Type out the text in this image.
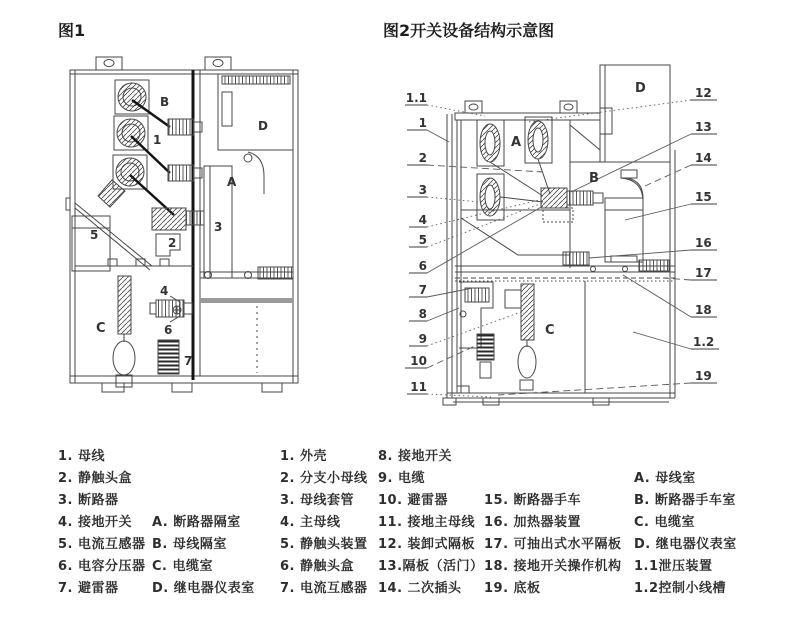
图1	图2开关设备结构示意图
B
1
D
A
3
2
5
4
C	6
7
1.1
1
2
3
4
5
6
7
8
9
10
11
12
13
14
15
16
17
18
1.2
19
A
B
C
D
1. 母线
2. 静触头盒
3. 断路器
4. 接地开关
5. 电流互感器
6. 电容分压器
7. 避雷器
A. 断路器隔室
B. 母线隔室
C. 电缆室
D. 继电器仪表室
1. 外壳
2. 分支小母线
3. 母线套管
4. 主母线
5. 静触头装置
6. 静触头盒
7. 电流互感器
8. 接地开关
9. 电缆
10. 避雷器
11. 接地主母线
12. 装卸式隔板
13.隔板（活门）
14. 二次插头
15. 断路器手车
16. 加热器装置
17. 可抽出式水平隔板
18. 接地开关操作机构
19. 底板
A. 母线室
B. 断路器手车室
C. 电缆室
D. 继电器仪表室
1.1泄压装置
1.2控制小线槽
